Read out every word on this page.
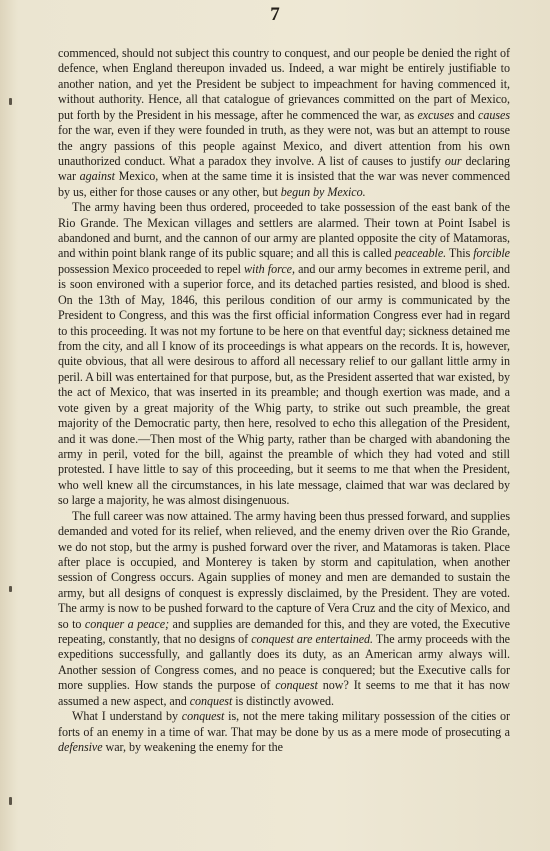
7

commenced, should not subject this country to conquest, and our people be denied the right of defence, when England thereupon invaded us. Indeed, a war might be entirely justifiable to another nation, and yet the President be subject to impeachment for having commenced it, without authority. Hence, all that catalogue of grievances committed on the part of Mexico, put forth by the President in his message, after he commenced the war, as excuses and causes for the war, even if they were founded in truth, as they were not, was but an attempt to rouse the angry passions of this people against Mexico, and divert attention from his own unauthorized conduct. What a paradox they involve. A list of causes to justify our declaring war against Mexico, when at the same time it is insisted that the war was never commenced by us, either for those causes or any other, but begun by Mexico.

The army having been thus ordered, proceeded to take possession of the east bank of the Rio Grande. The Mexican villages and settlers are alarmed. Their town at Point Isabel is abandoned and burnt, and the cannon of our army are planted opposite the city of Matamoras, and within point blank range of its public square; and all this is called peaceable. This forcible possession Mexico proceeded to repel with force, and our army becomes in extreme peril, and is soon environed with a superior force, and its detached parties resisted, and blood is shed. On the 13th of May, 1846, this perilous condition of our army is communicated by the President to Congress, and this was the first official information Congress ever had in regard to this proceeding. It was not my fortune to be here on that eventful day; sickness detained me from the city, and all I know of its proceedings is what appears on the records. It is, however, quite obvious, that all were desirous to afford all necessary relief to our gallant little army in peril. A bill was entertained for that purpose, but, as the President asserted that war existed, by the act of Mexico, that was inserted in its preamble; and though exertion was made, and a vote given by a great majority of the Whig party, to strike out such preamble, the great majority of the Democratic party, then here, resolved to echo this allegation of the President, and it was done.—Then most of the Whig party, rather than be charged with abandoning the army in peril, voted for the bill, against the preamble of which they had voted and still protested. I have little to say of this proceeding, but it seems to me that when the President, who well knew all the circumstances, in his late message, claimed that war was declared by so large a majority, he was almost disingenuous.

The full career was now attained. The army having been thus pressed forward, and supplies demanded and voted for its relief, when relieved, and the enemy driven over the Rio Grande, we do not stop, but the army is pushed forward over the river, and Matamoras is taken. Place after place is occupied, and Monterey is taken by storm and capitulation, when another session of Congress occurs. Again supplies of money and men are demanded to sustain the army, but all designs of conquest is expressly disclaimed, by the President. They are voted. The army is now to be pushed forward to the capture of Vera Cruz and the city of Mexico, and so to conquer a peace; and supplies are demanded for this, and they are voted, the Executive repeating, constantly, that no designs of conquest are entertained. The army proceeds with the expeditions successfully, and gallantly does its duty, as an American army always will. Another session of Congress comes, and no peace is conquered; but the Executive calls for more supplies. How stands the purpose of conquest now? It seems to me that it has now assumed a new aspect, and conquest is distinctly avowed.

What I understand by conquest is, not the mere taking military possession of the cities or forts of an enemy in a time of war. That may be done by us as a mere mode of prosecuting a defensive war, by weakening the enemy for the
